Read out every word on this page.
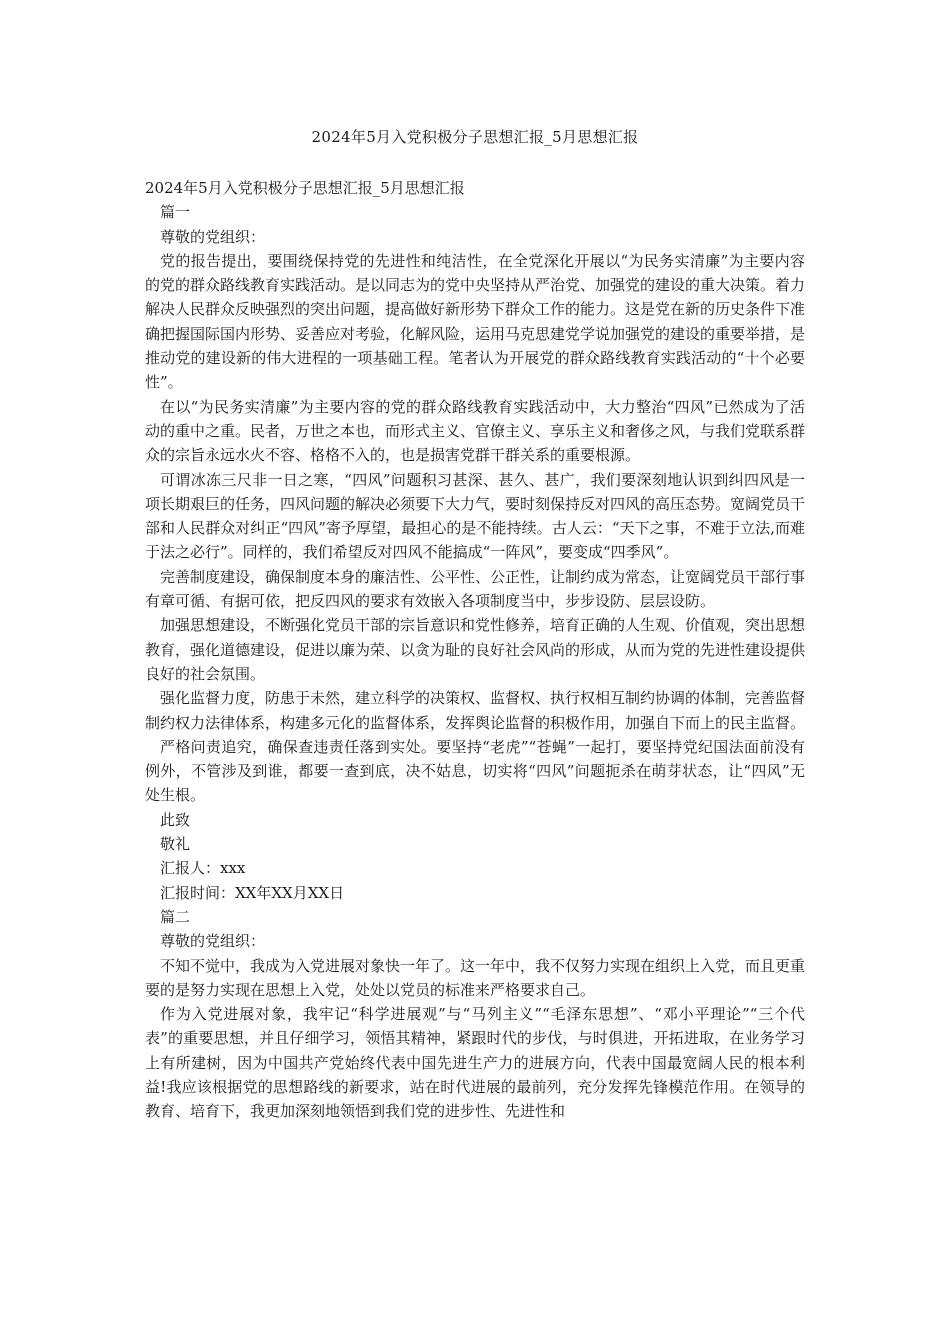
2024年5月入党积极分子思想汇报_5月思想汇报

2024年5月入党积极分子思想汇报_5月思想汇报

篇一

尊敬的党组织：

党的报告提出，要围绕保持党的先进性和纯洁性，在全党深化开展以“为民务实清廉”为主要内容的党的群众路线教育实践活动。是以同志为的党中央坚持从严治党、加强党的建设的重大决策。着力解决人民群众反映强烈的突出问题，提高做好新形势下群众工作的能力。这是党在新的历史条件下准确把握国际国内形势、妥善应对考验，化解风险，运用马克思建党学说加强党的建设的重要举措，是推动党的建设新的伟大进程的一项基础工程。笔者认为开展党的群众路线教育实践活动的“十个必要性”。

在以“为民务实清廉”为主要内容的党的群众路线教育实践活动中，大力整治“四风”已然成为了活动的重中之重。民者，万世之本也，而形式主义、官僚主义、享乐主义和奢侈之风，与我们党联系群众的宗旨永远水火不容、格格不入的，也是损害党群干群关系的重要根源。

可谓冰冻三尺非一日之寒，“四风”问题积习甚深、甚久、甚广，我们要深刻地认识到纠四风是一项长期艰巨的任务，四风问题的解决必须要下大力气，要时刻保持反对四风的高压态势。宽阔党员干部和人民群众对纠正“四风”寄予厚望，最担心的是不能持续。古人云：“天下之事，不难于立法,而难于法之必行”。同样的，我们希望反对四风不能搞成“一阵风”，要变成“四季风”。

完善制度建设，确保制度本身的廉洁性、公平性、公正性，让制约成为常态，让宽阔党员干部行事有章可循、有据可依，把反四风的要求有效嵌入各项制度当中，步步设防、层层设防。

加强思想建设，不断强化党员干部的宗旨意识和党性修养，培育正确的人生观、价值观，突出思想教育，强化道德建设，促进以廉为荣、以贪为耻的良好社会风尚的形成，从而为党的先进性建设提供良好的社会氛围。

强化监督力度，防患于未然，建立科学的决策权、监督权、执行权相互制约协调的体制，完善监督制约权力法律体系，构建多元化的监督体系，发挥舆论监督的积极作用，加强自下而上的民主监督。

严格问责追究，确保查违责任落到实处。要坚持“老虎”“苍蝇”一起打，要坚持党纪国法面前没有例外，不管涉及到谁，都要一查到底，决不姑息，切实将“四风”问题扼杀在萌芽状态，让“四风”无处生根。

此致

敬礼

汇报人：xxx

汇报时间：XX年XX月XX日

篇二

尊敬的党组织：

不知不觉中，我成为入党进展对象快一年了。这一年中，我不仅努力实现在组织上入党，而且更重要的是努力实现在思想上入党，处处以党员的标准来严格要求自己。

作为入党进展对象，我牢记“科学进展观”与“马列主义”“毛泽东思想”、“邓小平理论”“三个代表”的重要思想，并且仔细学习，领悟其精神，紧跟时代的步伐，与时俱进，开拓进取，在业务学习上有所建树，因为中国共产党始终代表中国先进生产力的进展方向，代表中国最宽阔人民的根本利益!我应该根据党的思想路线的新要求，站在时代进展的最前列，充分发挥先锋模范作用。在领导的教育、培育下，我更加深刻地领悟到我们党的进步性、先进性和
